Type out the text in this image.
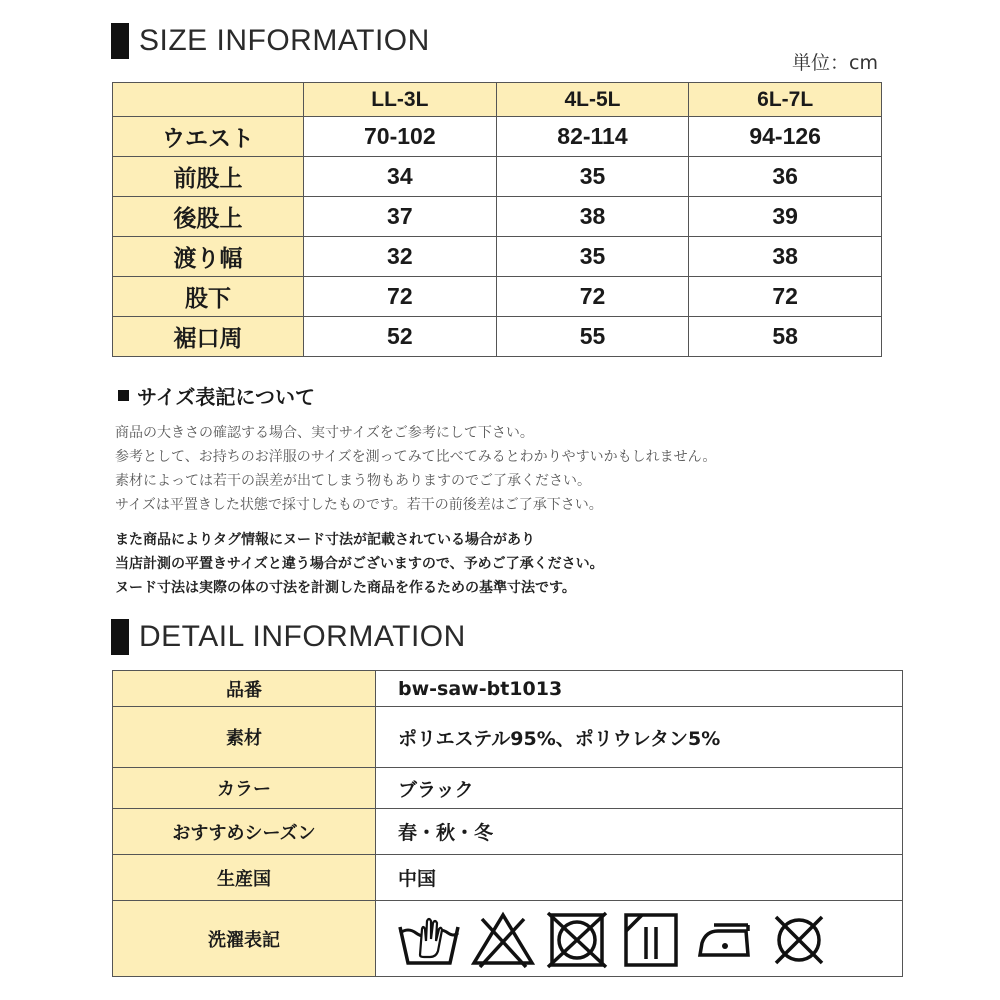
SIZE INFORMATION
単位：cm
	LL-3L	4L-5L	6L-7L
ウエスト	70-102	82-114	94-126
前股上	34	35	36
後股上	37	38	39
渡り幅	32	35	38
股下	72	72	72
裾口周	52	55	58
サイズ表記について
商品の大きさの確認する場合、実寸サイズをご参考にして下さい。
参考として、お持ちのお洋服のサイズを測ってみて比べてみるとわかりやすいかもしれません。
素材によっては若干の誤差が出てしまう物もありますのでご了承ください。
サイズは平置きした状態で採寸したものです。若干の前後差はご了承下さい。
また商品によりタグ情報にヌード寸法が記載されている場合があり
当店計測の平置きサイズと違う場合がございますので、予めご了承ください。
ヌード寸法は実際の体の寸法を計測した商品を作るための基準寸法です。
DETAIL INFORMATION
品番	bw-saw-bt1013
素材	ポリエステル95%、ポリウレタン5%
カラー	ブラック
おすすめシーズン	春・秋・冬
生産国	中国
洗濯表記	
